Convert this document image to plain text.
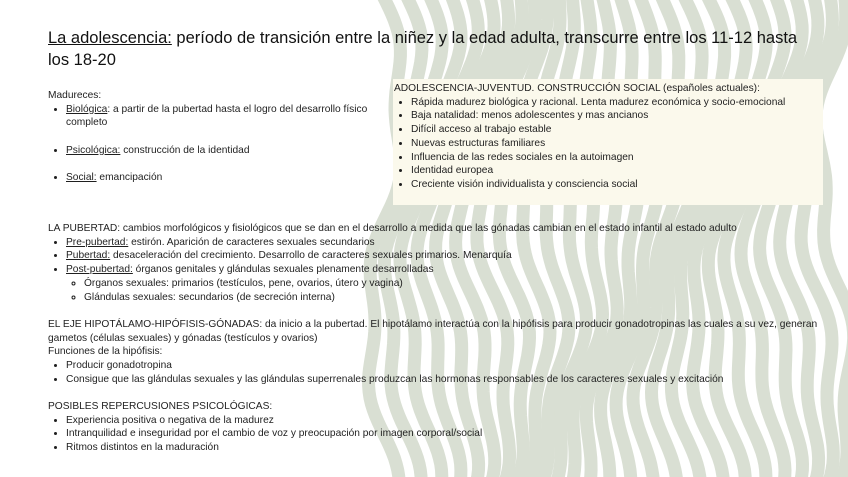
La adolescencia: período de transición entre la niñez y la edad adulta, transcurre entre los 11-12 hasta los 18-20
Madureces:
• Biológica: a partir de la pubertad hasta el logro del desarrollo físico completo
• Psicológica: construcción de la identidad
• Social: emancipación
ADOLESCENCIA-JUVENTUD. CONSTRUCCIÓN SOCIAL (españoles actuales):
• Rápida madurez biológica y racional. Lenta madurez económica y socio-emocional
• Baja natalidad: menos adolescentes y mas ancianos
• Difícil acceso al trabajo estable
• Nuevas estructuras familiares
• Influencia de las redes sociales en la autoimagen
• Identidad europea
• Creciente visión individualista y consciencia social
LA PUBERTAD: cambios morfológicos y fisiológicos que se dan en el desarrollo a medida que las gónadas cambian en el estado infantil al estado adulto
• Pre-pubertad: estirón. Aparición de caracteres sexuales secundarios
• Pubertad: desaceleración del crecimiento. Desarrollo de caracteres sexuales primarios. Menarquía
• Post-pubertad: órganos genitales y glándulas sexuales plenamente desarrolladas
◦ Órganos sexuales: primarios (testículos, pene, ovarios, útero y vagina)
◦ Glándulas sexuales: secundarios (de secreción interna)
EL EJE HIPOTÁLAMO-HIPÓFISIS-GÓNADAS: da inicio a la pubertad. El hipotálamo interactúa con la hipófisis para producir gonadotropinas las cuales a su vez, generan gametos (células sexuales) y gónadas (testículos y ovarios)
Funciones de la hipófisis:
• Producir gonadotropina
• Consigue que las glándulas sexuales y las glándulas superrenales produzcan las hormonas responsables de los caracteres sexuales y excitación
POSIBLES REPERCUSIONES PSICOLÓGICAS:
• Experiencia positiva o negativa de la madurez
• Intranquilidad e inseguridad por el cambio de voz y preocupación por imagen corporal/social
• Ritmos distintos en la maduración
